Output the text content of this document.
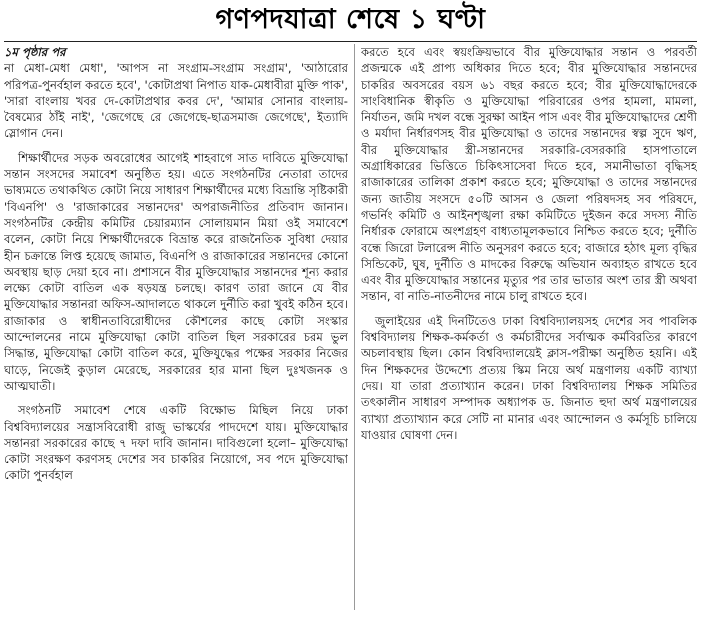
গণপদযাত্রা শেষে ১ ঘণ্টা

১ম পৃষ্ঠার পর
না মেধা-মেধা মেধা', 'আপস না সংগ্রাম-সংগ্রাম সংগ্রাম', 'আঠারোর পরিপত্র-পুনর্বহাল করতে হবে', 'কোটাপ্রথা নিপাত যাক-মেধাবীরা মুক্তি পাক', 'সারা বাংলায় খবর দে-কোটাপ্রথার কবর দে', 'আমার সোনার বাংলায়-বৈষম্যের ঠাঁই নাই', 'জেগেছে রে জেগেছে-ছাত্রসমাজ জেগেছে', ইত্যাদি স্লোগান দেন।

শিক্ষার্থীদের সড়ক অবরোধের আগেই শাহবাগে সাত দাবিতে মুক্তিযোদ্ধা সন্তান সংসদের সমাবেশ অনুষ্ঠিত হয়। এতে সংগঠনটির নেতারা তাদের ভাষ্যমতে তথাকথিত কোটা নিয়ে সাধারণ শিক্ষার্থীদের মধ্যে বিভ্রান্তি সৃষ্টিকারী 'বিএনপি' ও 'রাজাকারের সন্তানদের' অপরাজনীতির প্রতিবাদ জানান। সংগঠনটির কেন্দ্রীয় কমিটির চেয়ারম্যান সোলায়মান মিয়া ওই সমাবেশে বলেন, কোটা নিয়ে শিক্ষার্থীদেরকে বিভ্রান্ত করে রাজনৈতিক সুবিধা দেয়ার হীন চক্রান্তে লিপ্ত হয়েছে জামাত, বিএনপি ও রাজাকারের সন্তানদের কোনো অবস্থায় ছাড় দেয়া হবে না। প্রশাসনে বীর মুক্তিযোদ্ধার সন্তানদের শূন্য করার লক্ষ্যে কোটা বাতিল এক ষড়যন্ত্র চলছে। কারণ তারা জানে যে বীর মুক্তিযোদ্ধার সন্তানরা অফিস-আদালতে থাকলে দুর্নীতি করা খুবই কঠিন হবে। রাজাকার ও স্বাধীনতাবিরোধীদের কৌশলের কাছে কোটা সংস্কার আন্দোলনের নামে মুক্তিযোদ্ধা কোটা বাতিল ছিল সরকারের চরম ভুল সিদ্ধান্ত, মুক্তিযোদ্ধা কোটা বাতিল করে, মুক্তিযুদ্ধের পক্ষের সরকার নিজের ঘাড়ে, নিজেই কুড়াল মেরেছে, সরকারের হার মানা ছিল দুঃখজনক ও আত্মঘাতী।

সংগঠনটি সমাবেশ শেষে একটি বিক্ষোভ মিছিল নিয়ে ঢাকা বিশ্ববিদ্যালয়ের সন্ত্রাসবিরোধী রাজু ভাস্কর্যের পাদদেশে যায়। মুক্তিযোদ্ধার সন্তানরা সরকারের কাছে ৭ দফা দাবি জানান। দাবিগুলো হলো– মুক্তিযোদ্ধা কোটা সংরক্ষণ করণসহ দেশের সব চাকরির নিয়োগে, সব পদে মুক্তিযোদ্ধা কোটা পুনর্বহাল

করতে হবে এবং স্বয়ংক্রিয়ভাবে বীর মুক্তিযোদ্ধার সন্তান ও পরবর্তী প্রজন্মকে এই প্রাপ্য অধিকার দিতে হবে; বীর মুক্তিযোদ্ধার সন্তানদের চাকরির অবসরের বয়স ৬১ বছর করতে হবে; বীর মুক্তিযোদ্ধাদেরকে সাংবিধানিক স্বীকৃতি ও মুক্তিযোদ্ধা পরিবারের ওপর হামলা, মামলা, নির্যাতন, জমি দখল বন্ধে সুরক্ষা আইন পাস এবং বীর মুক্তিযোদ্ধাদের শ্রেণী ও মর্যাদা নির্ধারণসহ বীর মুক্তিযোদ্ধা ও তাদের সন্তানদের স্বল্প সুদে ঋণ, বীর মুক্তিযোদ্ধার স্ত্রী-সন্তানদের সরকারি-বেসরকারি হাসপাতালে অগ্রাধিকারের ভিত্তিতে চিকিৎসাসেবা দিতে হবে, সমানীভাতা বৃদ্ধিসহ রাজাকারের তালিকা প্রকাশ করতে হবে; মুক্তিযোদ্ধা ও তাদের সন্তানদের জন্য জাতীয় সংসদে ৫০টি আসন ও জেলা পরিষদসহ সব পরিষদে, গভর্নিং কমিটি ও আইনশৃঙ্খলা রক্ষা কমিটিতে দুইজন করে সদস্য নীতি নির্ধারক ফোরামে অংশগ্রহণ বাধ্যতামূলকভাবে নিশ্চিত করতে হবে; দুর্নীতি বন্ধে জিরো টলারেন্স নীতি অনুসরণ করতে হবে; বাজারে হঠাৎ মূল্য বৃদ্ধির সিন্ডিকেট, ঘুষ, দুর্নীতি ও মাদকের বিরুদ্ধে অভিযান অব্যাহত রাখতে হবে এবং বীর মুক্তিযোদ্ধার সন্তানের মৃত্যুর পর তার ভাতার অংশ তার স্ত্রী অথবা সন্তান, বা নাতি-নাতনীদের নামে চালু রাখতে হবে।

জুলাইয়ের এই দিনটিতেও ঢাকা বিশ্ববিদ্যালয়সহ দেশের সব পাবলিক বিশ্ববিদ্যালয় শিক্ষক-কর্মকর্তা ও কর্মচারীদের সর্বাত্মক কর্মবিরতির কারণে অচলাবস্থায় ছিল। কোন বিশ্ববিদ্যালয়েই ক্লাস-পরীক্ষা অনুষ্ঠিত হয়নি। এই দিন শিক্ষকদের উদ্দেশ্যে প্রত্যয় স্কিম নিয়ে অর্থ মন্ত্রণালয় একটি ব্যাখ্যা দেয়। যা তারা প্রত্যাখ্যান করেন। ঢাকা বিশ্ববিদ্যালয় শিক্ষক সমিতির তৎকালীন সাধারণ সম্পাদক অধ্যাপক ড. জিনাত হুদা অর্থ মন্ত্রণালয়ের ব্যাখ্যা প্রত্যাখ্যান করে সেটি না মানার এবং আন্দোলন ও কর্মসূচি চালিয়ে যাওয়ার ঘোষণা দেন।
